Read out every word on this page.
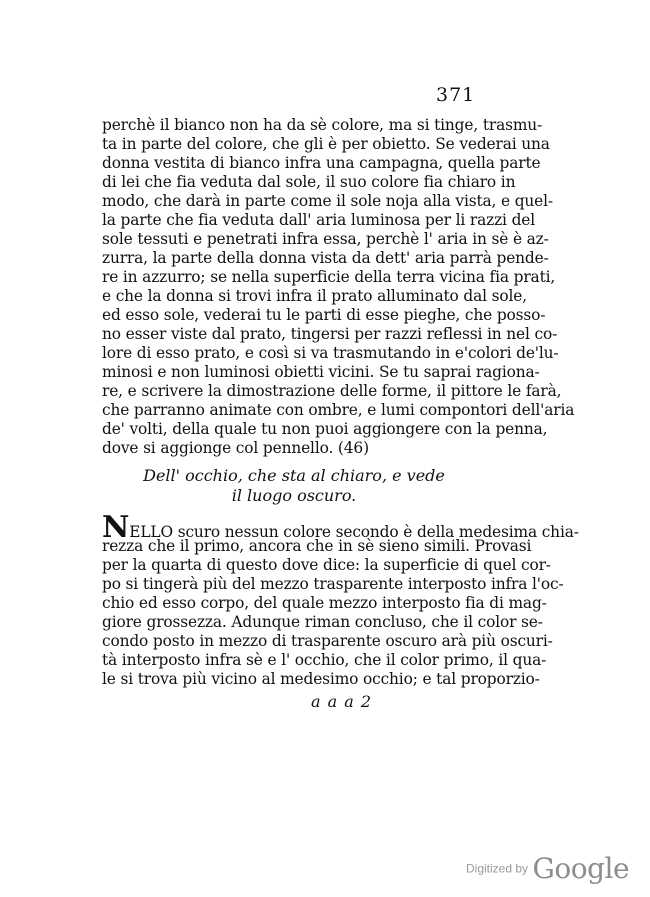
371
perchè il bianco non ha da sè colore, ma si tinge, trasmu-
ta in parte del colore, che gli è per obietto. Se vederai una
donna vestita di bianco infra una campagna, quella parte
di lei che fia veduta dal sole, il suo colore fia chiaro in
modo, che darà in parte come il sole noja alla vista, e quel-
la parte che fia veduta dall' aria luminosa per li razzi del
sole tessuti e penetrati infra essa, perchè l' aria in sè è az-
zurra, la parte della donna vista da dett' aria parrà pende-
re in azzurro; se nella superficie della terra vicina fia prati,
e che la donna si trovi infra il prato alluminato dal sole,
ed esso sole, vederai tu le parti di esse pieghe, che posso-
no esser viste dal prato, tingersi per razzi reflessi in nel co-
lore di esso prato, e così si va trasmutando in e'colori de'lu-
minosi e non luminosi obietti vicini. Se tu saprai ragiona-
re, e scrivere la dimostrazione delle forme, il pittore le farà,
che parranno animate con ombre, e lumi compontori dell'aria
de' volti, della quale tu non puoi aggiongere con la penna,
dove si aggionge col pennello. (46)
Dell' occhio, che sta al chiaro, e vede
il luogo oscuro.
NELLO scuro nessun colore secondo è della medesima chia-
rezza che il primo, ancora che in sè sieno simili. Provasi
per la quarta di questo dove dice: la superficie di quel cor-
po si tingerà più del mezzo trasparente interposto infra l'oc-
chio ed esso corpo, del quale mezzo interposto fia di mag-
giore grossezza. Adunque riman concluso, che il color se-
condo posto in mezzo di trasparente oscuro arà più oscuri-
tà interposto infra sè e l' occhio, che il color primo, il qua-
le si trova più vicino al medesimo occhio; e tal proporzio-
a a a 2
Digitized by Google
